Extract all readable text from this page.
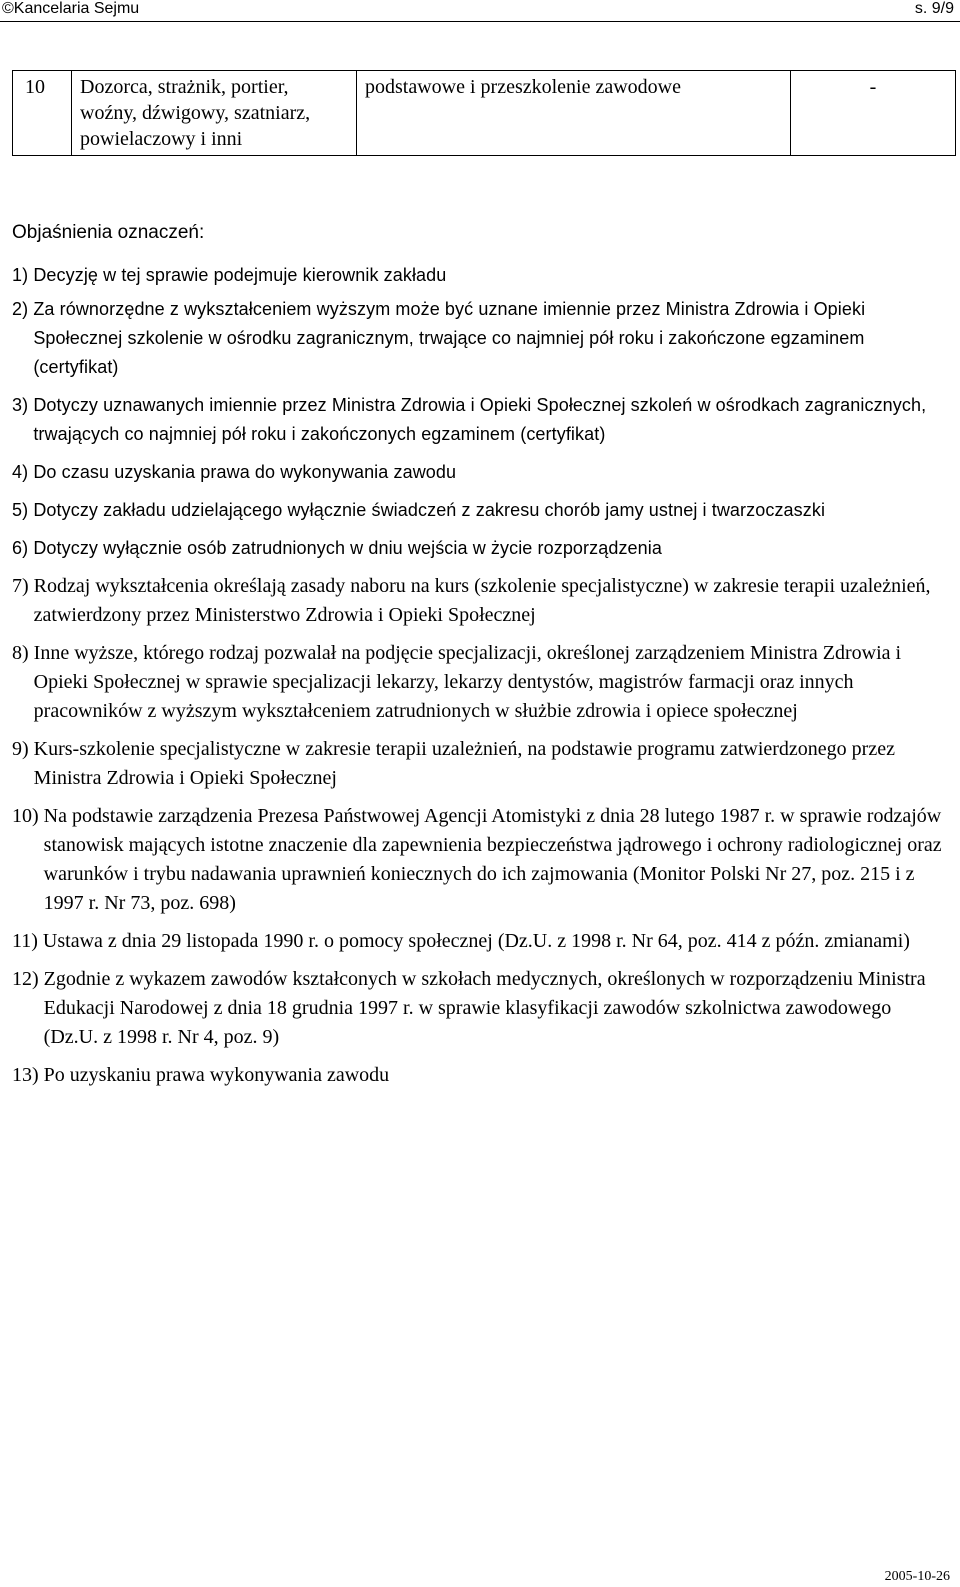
©Kancelaria Sejmu	s. 9/9
10	Dozorca, strażnik, portier, woźny, dźwigowy, szatniarz, powielaczowy i inni	podstawowe i przeszkolenie zawodowe	-
Objaśnienia oznaczeń:
1) Decyzję w tej sprawie podejmuje kierownik zakładu
2) Za równorzędne z wykształceniem wyższym może być uznane imiennie przez Ministra Zdrowia i Opieki Społecznej szkolenie w ośrodku zagranicznym, trwające co najmniej pół roku i zakończone egzaminem (certyfikat)
3) Dotyczy uznawanych imiennie przez Ministra Zdrowia i Opieki Społecznej szkoleń w ośrodkach zagranicznych, trwających co najmniej pół roku i zakończonych egzaminem (certyfikat)
4) Do czasu uzyskania prawa do wykonywania zawodu
5) Dotyczy zakładu udzielającego wyłącznie świadczeń z zakresu chorób jamy ustnej i twarzoczaszki
6) Dotyczy wyłącznie osób zatrudnionych w dniu wejścia w życie rozporządzenia
7) Rodzaj wykształcenia określają zasady naboru na kurs (szkolenie specjalistyczne) w zakresie terapii uzależnień, zatwierdzony przez Ministerstwo Zdrowia i Opieki Społecznej
8) Inne wyższe, którego rodzaj pozwalał na podjęcie specjalizacji, określonej zarządzeniem Ministra Zdrowia i Opieki Społecznej w sprawie specjalizacji lekarzy, lekarzy dentystów, magistrów farmacji oraz innych pracowników z wyższym wykształceniem zatrudnionych w służbie zdrowia i opiece społecznej
9) Kurs-szkolenie specjalistyczne w zakresie terapii uzależnień, na podstawie programu zatwierdzonego przez Ministra Zdrowia i Opieki Społecznej
10) Na podstawie zarządzenia Prezesa Państwowej Agencji Atomistyki z dnia 28 lutego 1987 r. w sprawie rodzajów stanowisk mających istotne znaczenie dla zapewnienia bezpieczeństwa jądrowego i ochrony radiologicznej oraz warunków i trybu nadawania uprawnień koniecznych do ich zajmowania (Monitor Polski Nr 27, poz. 215 i z 1997 r. Nr 73, poz. 698)
11) Ustawa z dnia 29 listopada 1990 r. o pomocy społecznej (Dz.U. z 1998 r. Nr 64, poz. 414 z późn. zmianami)
12) Zgodnie z wykazem zawodów kształconych w szkołach medycznych, określonych w rozporządzeniu Ministra Edukacji Narodowej z dnia 18 grudnia 1997 r. w sprawie klasyfikacji zawodów szkolnictwa zawodowego (Dz.U. z 1998 r. Nr 4, poz. 9)
13) Po uzyskaniu prawa wykonywania zawodu
2005-10-26
